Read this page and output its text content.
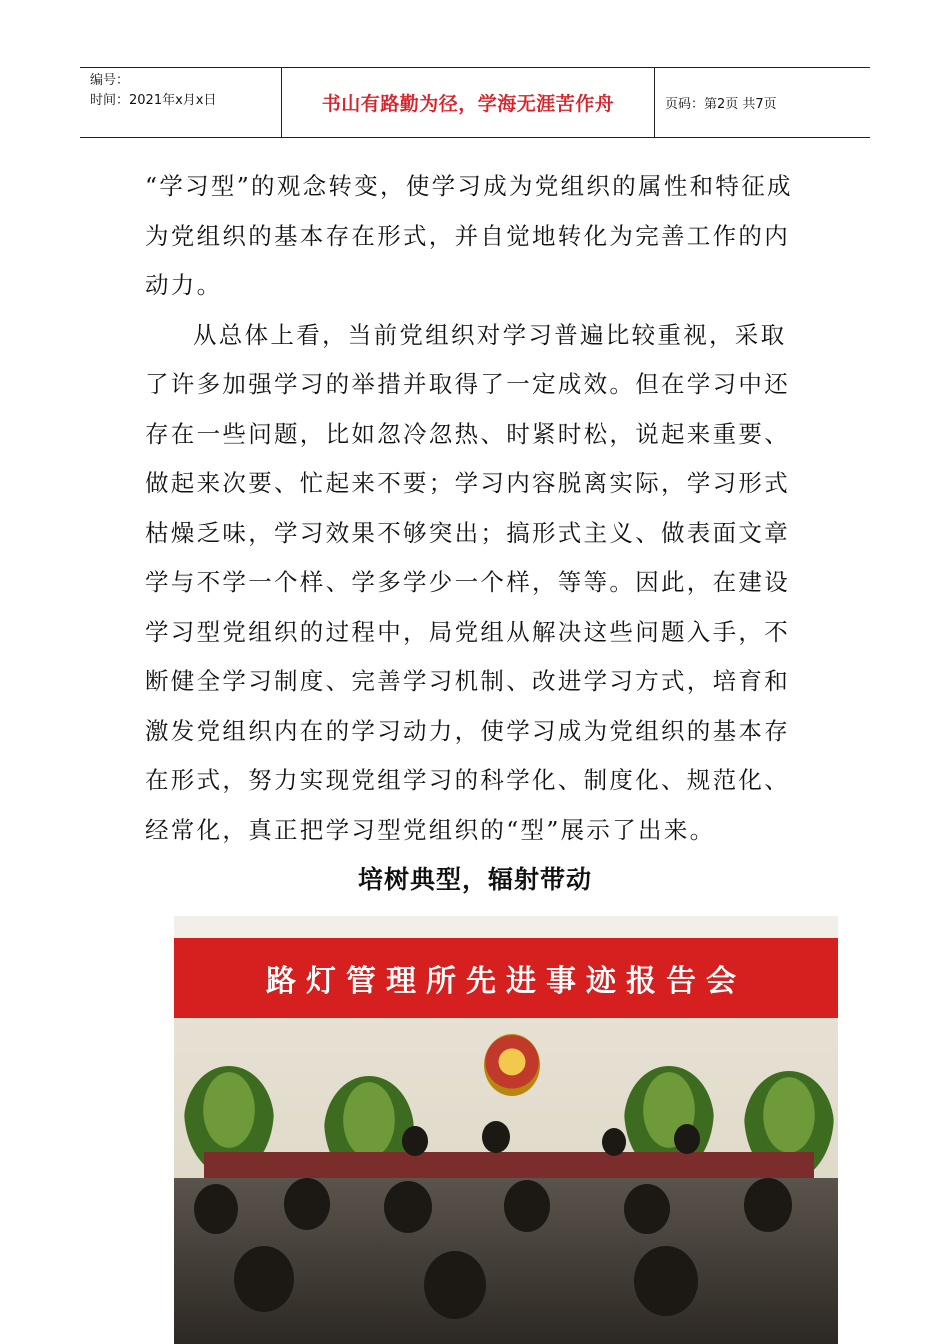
编号：
时间：2021年x月x日	书山有路勤为径，学海无涯苦作舟	页码：第2页 共7页

“学习型”的观念转变，使学习成为党组织的属性和特征成为党组织的基本存在形式，并自觉地转化为完善工作的内动力。

从总体上看，当前党组织对学习普遍比较重视，采取了许多加强学习的举措并取得了一定成效。但在学习中还存在一些问题，比如忽冷忽热、时紧时松，说起来重要、做起来次要、忙起来不要；学习内容脱离实际，学习形式枯燥乏味，学习效果不够突出；搞形式主义、做表面文章学与不学一个样、学多学少一个样，等等。因此，在建设学习型党组织的过程中，局党组从解决这些问题入手，不断健全学习制度、完善学习机制、改进学习方式，培育和激发党组织内在的学习动力，使学习成为党组织的基本存在形式，努力实现党组学习的科学化、制度化、规范化、经常化，真正把学习型党组织的“型”展示了出来。

培树典型，辐射带动
路灯管理所先进事迹报告会
